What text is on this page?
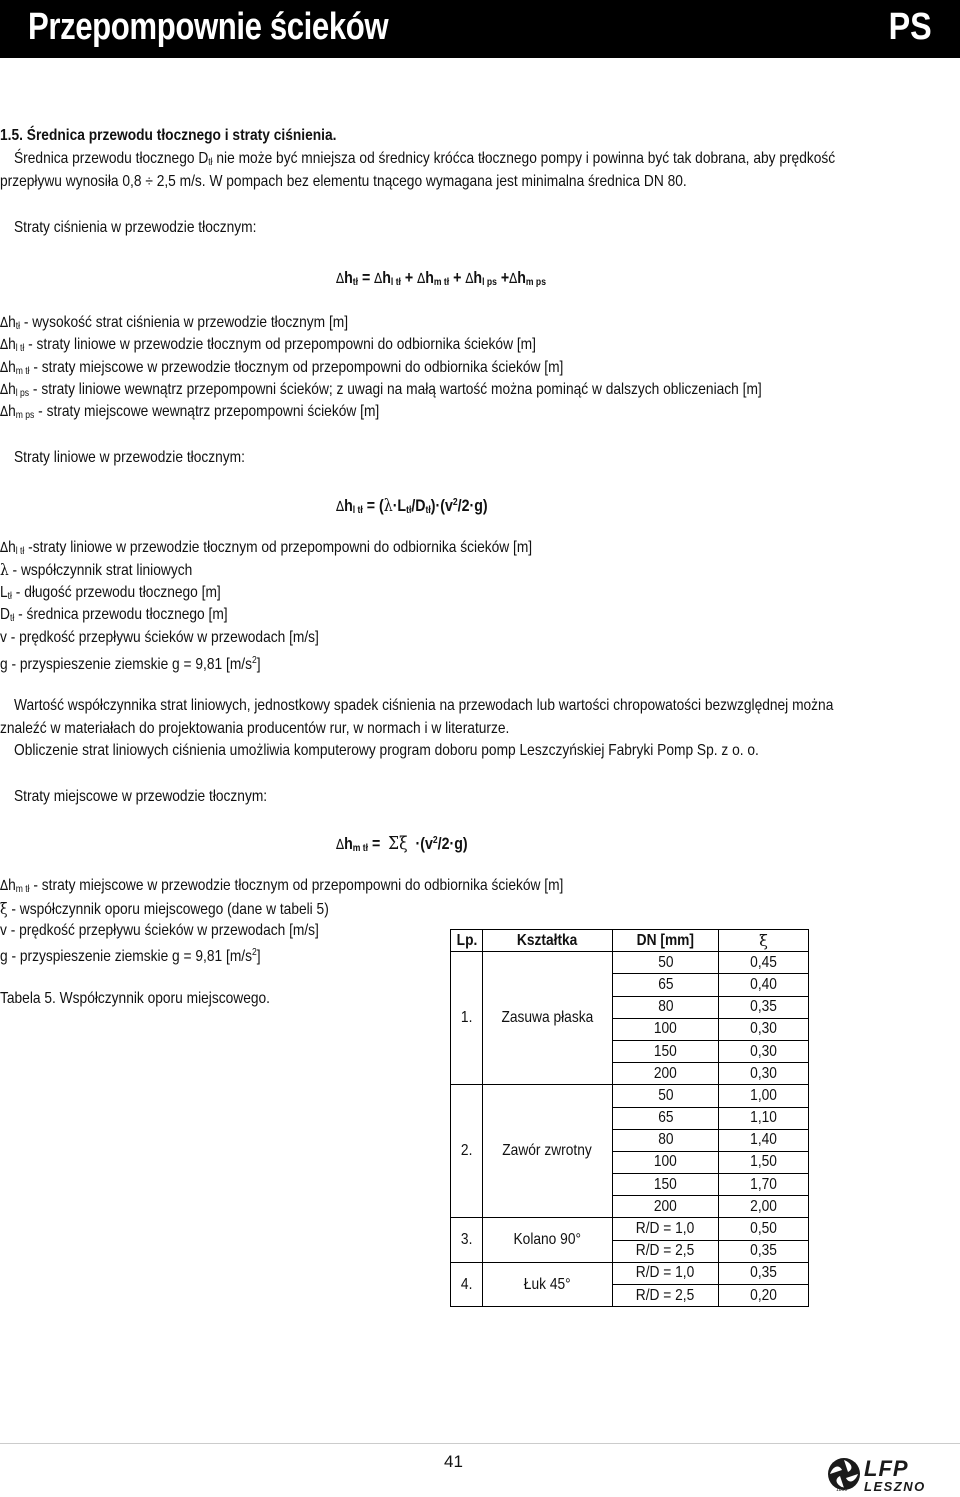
Przepompownie ścieków	PS
1.5. Średnica przewodu tłocznego i straty ciśnienia.
Średnica przewodu tłocznego $D_{tł}$ nie może być mniejsza od średnicy króćca tłocznego pompy i powinna być tak dobrana, aby prędkość
przepływu wynosiła 0,8 ÷ 2,5 m/s. W pompach bez elementu tnącego wymagana jest minimalna średnica DN 80.
Straty ciśnienia w przewodzie tłocznym:
$\Delta h_{tł} = \Delta h_{l tł} + \Delta h_{m tł} + \Delta h_{l ps} +\Delta h_{m ps}$
$\Delta h_{tł}$ - wysokość strat ciśnienia w przewodzie tłocznym [m]
$\Delta h_{l tł}$ - straty liniowe w przewodzie tłocznym od przepompowni do odbiornika ścieków [m]
$\Delta h_{m tł}$ - straty miejscowe w przewodzie tłocznym od przepompowni do odbiornika ścieków [m]
$\Delta h_{l ps}$ - straty liniowe wewnątrz przepompowni ścieków; z uwagi na małą wartość można pominąć w dalszych obliczeniach [m]
$\Delta h_{m ps}$ - straty miejscowe wewnątrz przepompowni ścieków [m]
Straty liniowe w przewodzie tłocznym:
$\Delta h_{l tł} = (\lambda\cdot L_{tł}/D_{tł})\cdot(v^2/2\cdot g)$
$\Delta h_{l tł}$ -straty liniowe w przewodzie tłocznym od przepompowni do odbiornika ścieków [m]
λ - współczynnik strat liniowych
$L_{tł}$ - długość przewodu tłocznego [m]
$D_{tł}$ - średnica przewodu tłocznego [m]
v - prędkość przepływu ścieków w przewodach [m/s]
g - przyspieszenie ziemskie g = 9,81 $[m/s^2]$
Wartość współczynnika strat liniowych, jednostkowy spadek ciśnienia na przewodach lub wartości chropowatości bezwzględnej można
znaleźć w materiałach do projektowania producentów rur, w normach i w literaturze.
Obliczenie strat liniowych ciśnienia umożliwia komputerowy program doboru pomp Leszczyńskiej Fabryki Pomp Sp. z o. o.
Straty miejscowe w przewodzie tłocznym:
$\Delta h_{m tł} = \Sigma\xi \cdot(v^2/2\cdot g)$
$\Delta h_{m tł}$ - straty miejscowe w przewodzie tłocznym od przepompowni do odbiornika ścieków [m]
ξ - współczynnik oporu miejscowego (dane w tabeli 5)
v - prędkość przepływu ścieków w przewodach [m/s]
g - przyspieszenie ziemskie g = 9,81 $[m/s^2]$
Tabela 5. Współczynnik oporu miejscowego.
Lp.	Kształtka	DN [mm]	ξ
1.	Zasuwa płaska	50	0,45
		65	0,40
		80	0,35
		100	0,30
		150	0,30
		200	0,30
2.	Zawór zwrotny	50	1,00
		65	1,10
		80	1,40
		100	1,50
		150	1,70
		200	2,00
3.	Kolano 90°	R/D = 1,0	0,50
		R/D = 2,5	0,35
4.	Łuk 45°	R/D = 1,0	0,35
		R/D = 2,5	0,20
41
1869
LFP
LESZNO
